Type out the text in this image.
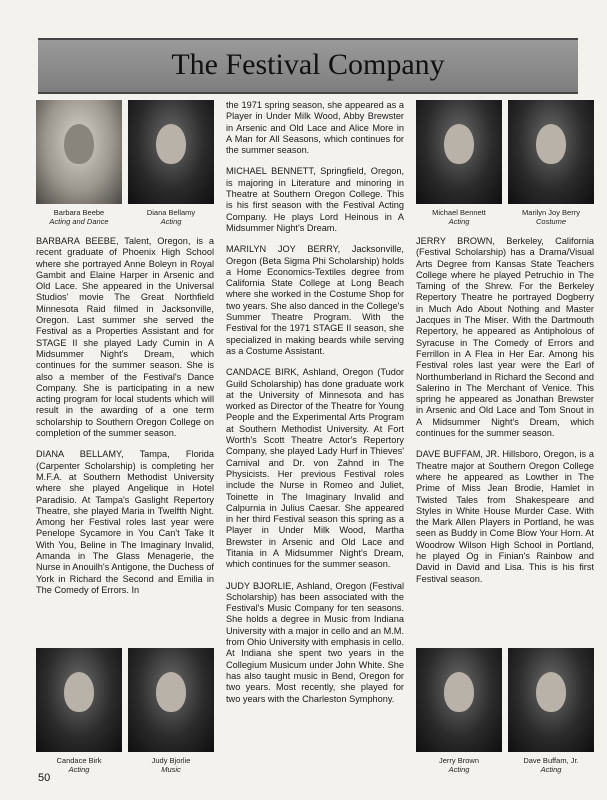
The Festival Company
Barbara Beebe
Acting and Dance
Diana Bellamy
Acting

BARBARA BEEBE, Talent, Oregon, is a recent graduate of Phoenix High School where she portrayed Anne Boleyn in Royal Gambit and Elaine Harper in Arsenic and Old Lace. She appeared in the Universal Studios' movie The Great Northfield Minnesota Raid filmed in Jacksonville, Oregon. Last summer she served the Festival as a Properties Assistant and for STAGE II she played Lady Cumin in A Midsummer Night's Dream, which continues for the summer season. She is also a member of the Festival's Dance Company. She is participating in a new acting program for local students which will result in the awarding of a one term scholarship to Southern Oregon College on completion of the summer season.

DIANA BELLAMY, Tampa, Florida (Carpenter Scholarship) is completing her M.F.A. at Southern Methodist University where she played Angelique in Hotel Paradisio. At Tampa's Gaslight Repertory Theatre, she played Maria in Twelfth Night. Among her Festival roles last year were Penelope Sycamore in You Can't Take It With You, Beline in The Imaginary Invalid, Amanda in The Glass Menagerie, the Nurse in Anouilh's Antigone, the Duchess of York in Richard the Second and Emilia in The Comedy of Errors. In

the 1971 spring season, she appeared as a Player in Under Milk Wood, Abby Brewster in Arsenic and Old Lace and Alice More in A Man for All Seasons, which continues for the summer season.

MICHAEL BENNETT, Springfield, Oregon, is majoring in Literature and minoring in Theatre at Southern Oregon College. This is his first season with the Festival Acting Company. He plays Lord Heinous in A Midsummer Night's Dream.

MARILYN JOY BERRY, Jacksonville, Oregon (Beta Sigma Phi Scholarship) holds a Home Economics-Textiles degree from California State College at Long Beach where she worked in the Costume Shop for two years. She also danced in the College's Summer Theatre Program. With the Festival for the 1971 STAGE II season, she specialized in making beards while serving as a Costume Assistant.

CANDACE BIRK, Ashland, Oregon (Tudor Guild Scholarship) has done graduate work at the University of Minnesota and has worked as Director of the Theatre for Young People and the Experimental Arts Program at Southern Methodist University. At Fort Worth's Scott Theatre Actor's Repertory Company, she played Lady Hurf in Thieves' Carnival and Dr. von Zahnd in The Physicists. Her previous Festival roles include the Nurse in Romeo and Juliet, Toinette in The Imaginary Invalid and Calpurnia in Julius Caesar. She appeared in her third Festival season this spring as a Player in Under Milk Wood, Martha Brewster in Arsenic and Old Lace and Titania in A Midsummer Night's Dream, which continues for the summer season.

JUDY BJORLIE, Ashland, Oregon (Festival Scholarship) has been associated with the Festival's Music Company for ten seasons. She holds a degree in Music from Indiana University with a major in cello and an M.M. from Ohio University with emphasis in cello. At Indiana she spent two years in the Collegium Musicum under John White. She has also taught music in Bend, Oregon for two years. Most recently, she played for two years with the Charleston Symphony.

Michael Bennett
Acting
Marilyn Joy Berry
Costume

JERRY BROWN, Berkeley, California (Festival Scholarship) has a Drama/Visual Arts Degree from Kansas State Teachers College where he played Petruchio in The Taming of the Shrew. For the Berkeley Repertory Theatre he portrayed Dogberry in Much Ado About Nothing and Master Jacques in The Miser. With the Dartmouth Repertory, he appeared as Antipholous of Syracuse in The Comedy of Errors and Ferrillon in A Flea in Her Ear. Among his Festival roles last year were the Earl of Northumberland in Richard the Second and Salerino in The Merchant of Venice. This spring he appeared as Jonathan Brewster in Arsenic and Old Lace and Tom Snout in A Midsummer Night's Dream, which continues for the summer season.

DAVE BUFFAM, JR. Hillsboro, Oregon, is a Theatre major at Southern Oregon College where he appeared as Lowther in The Prime of Miss Jean Brodie, Hamlet in Twisted Tales from Shakespeare and Styles in White House Murder Case. With the Mark Allen Players in Portland, he was seen as Buddy in Come Blow Your Horn. At Woodrow Wilson High School in Portland, he played Og in Finian's Rainbow and David in David and Lisa. This is his first Festival season.

Candace Birk
Acting
Judy Bjorlie
Music
Jerry Brown
Acting
Dave Buffam, Jr.
Acting
50
